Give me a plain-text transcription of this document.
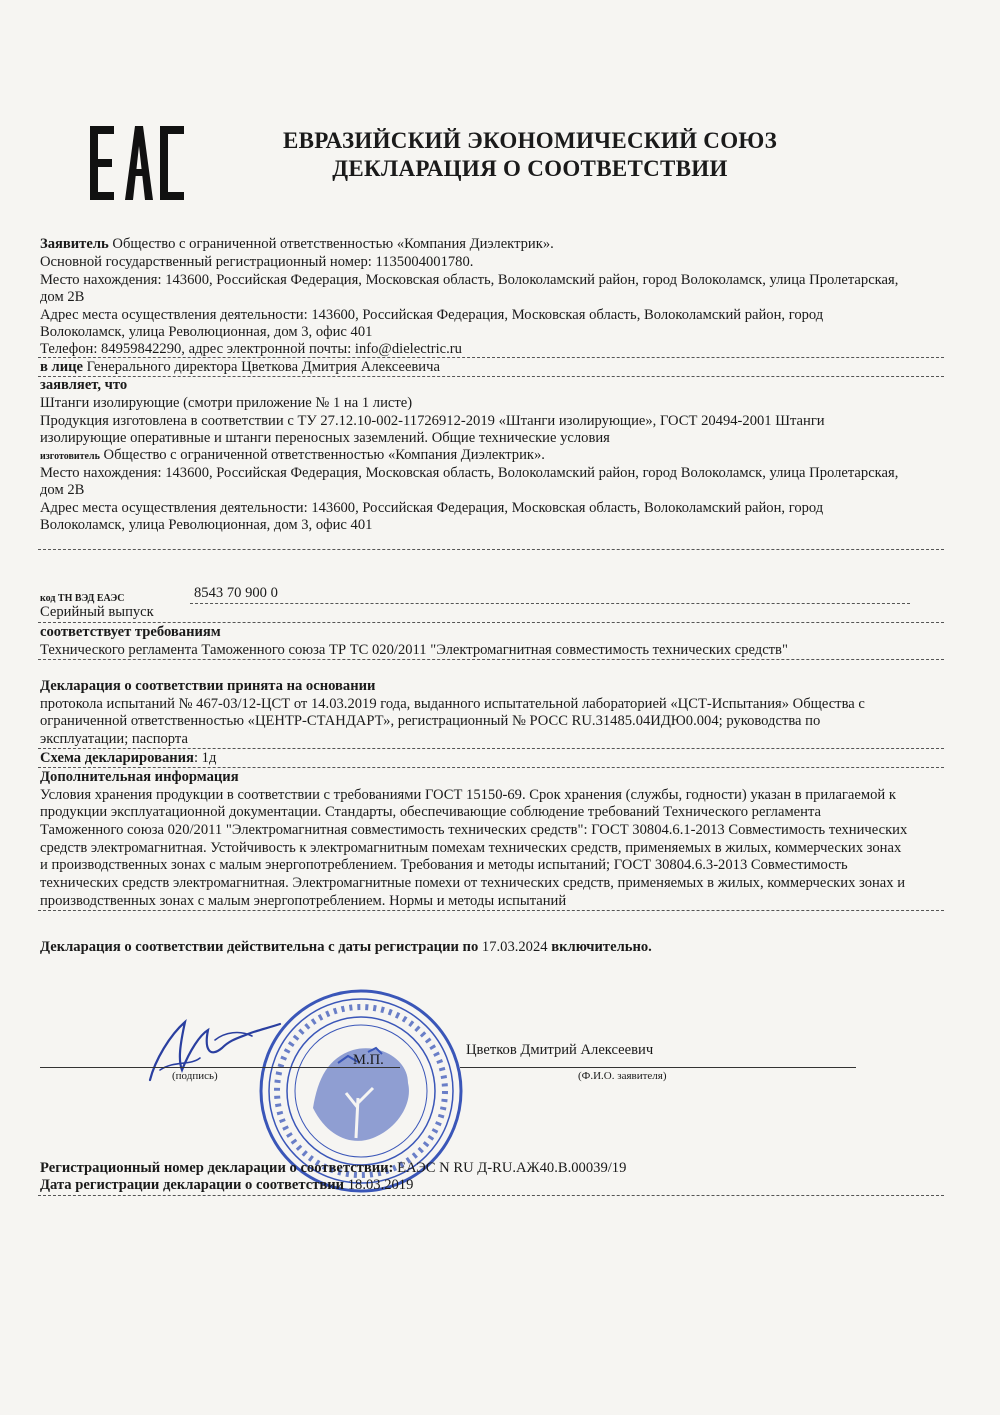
ЕВРАЗИЙСКИЙ ЭКОНОМИЧЕСКИЙ СОЮЗ
ДЕКЛАРАЦИЯ О СООТВЕТСТВИИ
Заявитель Общество с ограниченной ответственностью «Компания Диэлектрик».
Основной государственный регистрационный номер: 1135004001780.
Место нахождения: 143600, Российская Федерация, Московская область, Волоколамский район, город Волоколамск, улица Пролетарская,
дом 2В
Адрес места осуществления деятельности: 143600, Российская Федерация, Московская область, Волоколамский район, город
Волоколамск, улица Революционная, дом 3, офис 401
Телефон: 84959842290, адрес электронной почты: info@dielectric.ru
в лице Генерального директора Цветкова Дмитрия Алексеевича
заявляет, что
Штанги изолирующие (смотри приложение № 1 на 1 листе)
Продукция изготовлена в соответствии с ТУ 27.12.10-002-11726912-2019 «Штанги изолирующие», ГОСТ 20494-2001 Штанги
изолирующие оперативные и штанги переносных заземлений. Общие технические условия
изготовитель Общество с ограниченной ответственностью «Компания Диэлектрик».
Место нахождения: 143600, Российская Федерация, Московская область, Волоколамский район, город Волоколамск, улица Пролетарская,
дом 2В
Адрес места осуществления деятельности: 143600, Российская Федерация, Московская область, Волоколамский район, город
Волоколамск, улица Революционная, дом 3, офис 401
код ТН ВЭД ЕАЭС	8543 70 900 0
Серийный выпуск
соответствует требованиям
Технического регламента Таможенного союза ТР ТС 020/2011 "Электромагнитная совместимость технических средств"
Декларация о соответствии принята на основании
протокола испытаний № 467-03/12-ЦСТ от 14.03.2019 года, выданного испытательной лабораторией «ЦСТ-Испытания» Общества с
ограниченной ответственностью «ЦЕНТР-СТАНДАРТ», регистрационный № РОСС RU.31485.04ИДЮ0.004; руководства по
эксплуатации; паспорта
Схема декларирования: 1д
Дополнительная информация
Условия хранения продукции в соответствии с требованиями ГОСТ 15150-69. Срок хранения (службы, годности) указан в прилагаемой к
продукции эксплуатационной документации. Стандарты, обеспечивающие соблюдение требований Технического регламента
Таможенного союза 020/2011 "Электромагнитная совместимость технических средств": ГОСТ 30804.6.1-2013 Совместимость технических
средств электромагнитная. Устойчивость к электромагнитным помехам технических средств, применяемых в жилых, коммерческих зонах
и производственных зонах с малым энергопотреблением. Требования и методы испытаний; ГОСТ 30804.6.3-2013 Совместимость
технических средств электромагнитная. Электромагнитные помехи от технических средств, применяемых в жилых, коммерческих зонах и
производственных зонах с малым энергопотреблением. Нормы и методы испытаний
Декларация о соответствии действительна с даты регистрации по 17.03.2024 включительно.
М.П.
(подпись)
Цветков Дмитрий Алексеевич
(Ф.И.О. заявителя)
Регистрационный номер декларации о соответствии: ЕАЭС N RU Д-RU.АЖ40.В.00039/19
Дата регистрации декларации о соответствии 18.03.2019
